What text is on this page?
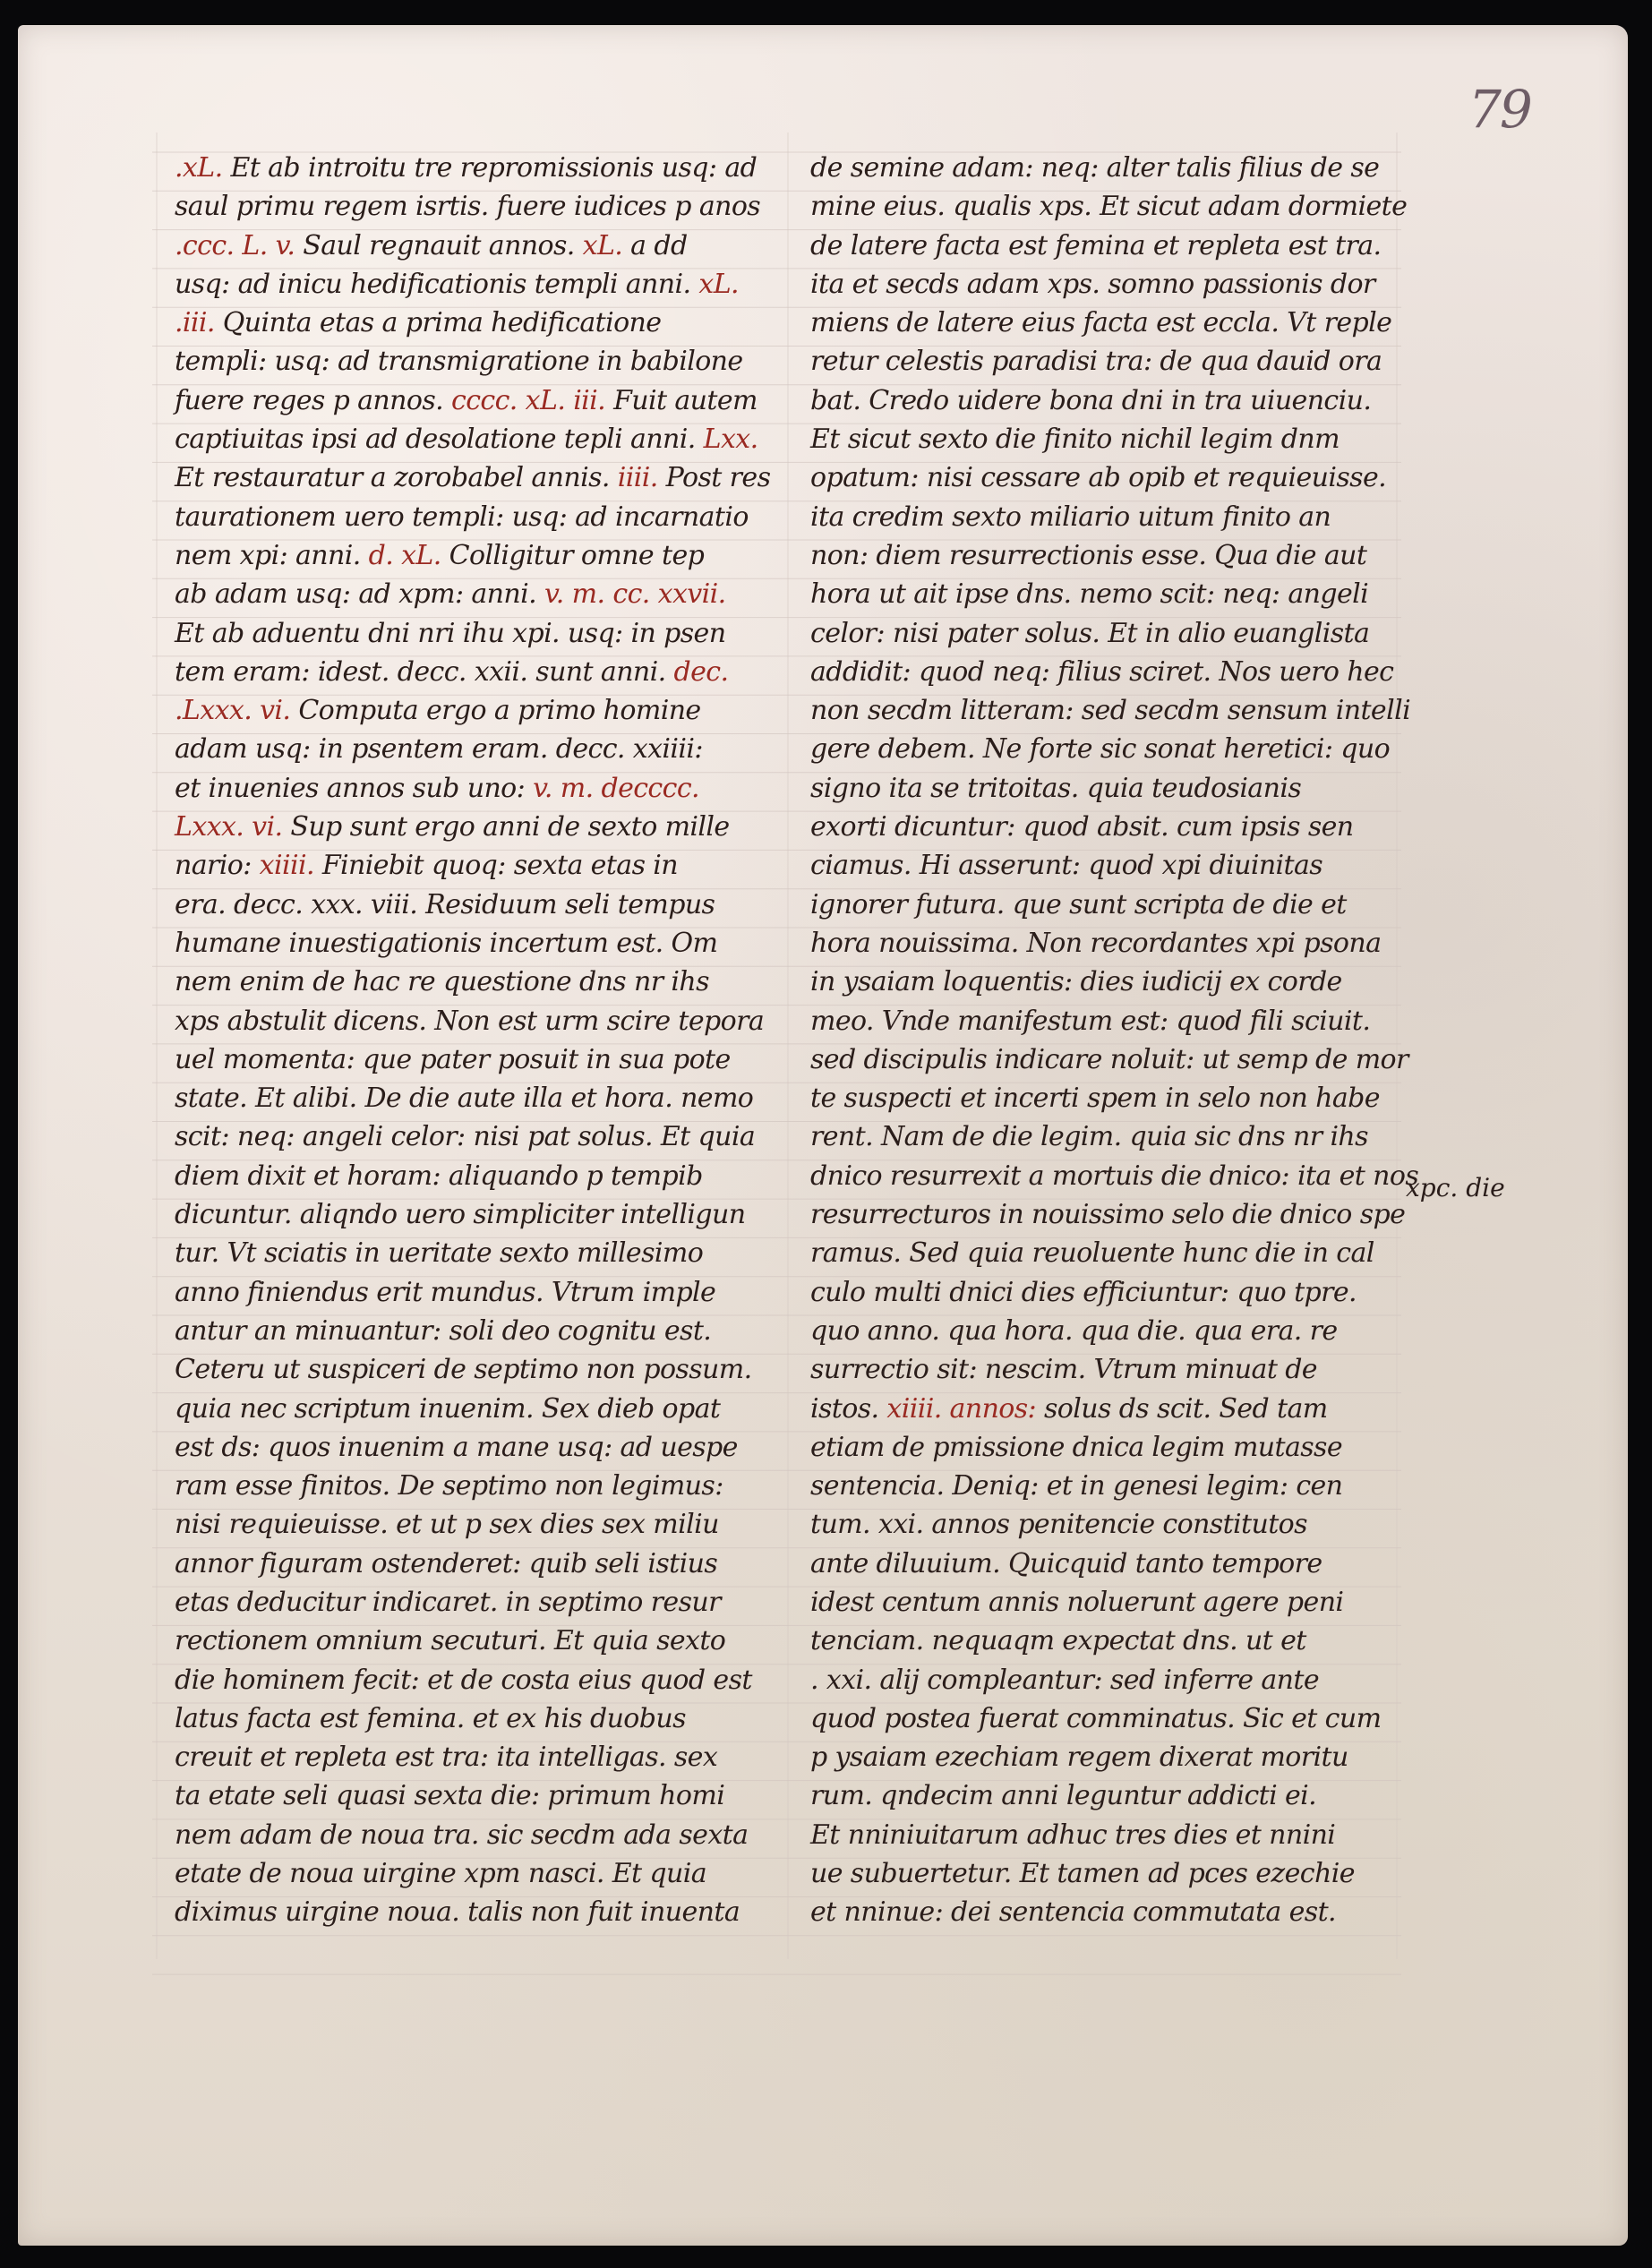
79
.xL. Et ab introitu tre repromissionis usq: ad
saul primu regem isrtis. fuere iudices p anos
.ccc. L. v. Saul regnauit annos. xL. a dd
usq: ad inicu hedificationis templi anni. xL.
.iii. Quinta etas a prima hedificatione
templi: usq: ad transmigratione in babilone
fuere reges p annos. cccc. xL. iii. Fuit autem
captiuitas ipsi ad desolatione tepli anni. Lxx.
Et restauratur a zorobabel annis. iiii. Post res
taurationem uero templi: usq: ad incarnatio
nem xpi: anni. d. xL. Colligitur omne tep
ab adam usq: ad xpm: anni. v. m. cc. xxvii.
Et ab aduentu dni nri ihu xpi. usq: in psen
tem eram: idest. decc. xxii. sunt anni. dec.
.Lxxx. vi. Computa ergo a primo homine
adam usq: in psentem eram. decc. xxiiii:
et inuenies annos sub uno: v. m. decccc.
Lxxx. vi. Sup sunt ergo anni de sexto mille
nario: xiiii. Finiebit quoq: sexta etas in
era. decc. xxx. viii. Residuum seli tempus
humane inuestigationis incertum est. Om
nem enim de hac re questione dns nr ihs
xps abstulit dicens. Non est urm scire tepora
uel momenta: que pater posuit in sua pote
state. Et alibi. De die aute illa et hora. nemo
scit: neq: angeli celor: nisi pat solus. Et quia
diem dixit et horam: aliquando p tempib
dicuntur. aliqndo uero simpliciter intelligun
tur. Vt sciatis in ueritate sexto millesimo
anno finiendus erit mundus. Vtrum imple
antur an minuantur: soli deo cognitu est.
Ceteru ut suspiceri de septimo non possum.
quia nec scriptum inuenim. Sex dieb opat
est ds: quos inuenim a mane usq: ad uespe
ram esse finitos. De septimo non legimus:
nisi requieuisse. et ut p sex dies sex miliu
annor figuram ostenderet: quib seli istius
etas deducitur indicaret. in septimo resur
rectionem omnium secuturi. Et quia sexto
die hominem fecit: et de costa eius quod est
latus facta est femina. et ex his duobus
creuit et repleta est tra: ita intelligas. sex
ta etate seli quasi sexta die: primum homi
nem adam de noua tra. sic secdm ada sexta
etate de noua uirgine xpm nasci. Et quia
diximus uirgine noua. talis non fuit inuenta
de semine adam: neq: alter talis filius de se
mine eius. qualis xps. Et sicut adam dormiete
de latere facta est femina et repleta est tra.
ita et secds adam xps. somno passionis dor
miens de latere eius facta est eccla. Vt reple
retur celestis paradisi tra: de qua dauid ora
bat. Credo uidere bona dni in tra uiuenciu.
Et sicut sexto die finito nichil legim dnm
opatum: nisi cessare ab opib et requieuisse.
ita credim sexto miliario uitum finito an
non: diem resurrectionis esse. Qua die aut
hora ut ait ipse dns. nemo scit: neq: angeli
celor: nisi pater solus. Et in alio euanglista
addidit: quod neq: filius sciret. Nos uero hec
non secdm litteram: sed secdm sensum intelli
gere debem. Ne forte sic sonat heretici: quo
signo ita se tritoitas. quia teudosianis
exorti dicuntur: quod absit. cum ipsis sen
ciamus. Hi asserunt: quod xpi diuinitas
ignorer futura. que sunt scripta de die et
hora nouissima. Non recordantes xpi psona
in ysaiam loquentis: dies iudicij ex corde
meo. Vnde manifestum est: quod fili sciuit.
sed discipulis indicare noluit: ut semp de mor
te suspecti et incerti spem in selo non habe
rent. Nam de die legim. quia sic dns nr ihs
dnico resurrexit a mortuis die dnico: ita et nos
resurrecturos in nouissimo selo die dnico spe
ramus. Sed quia reuoluente hunc die in cal
culo multi dnici dies efficiuntur: quo tpre.
quo anno. qua hora. qua die. qua era. re
surrectio sit: nescim. Vtrum minuat de
istos. xiiii. annos: solus ds scit. Sed tam
etiam de pmissione dnica legim mutasse
sentencia. Deniq: et in genesi legim: cen
tum. xxi. annos penitencie constitutos
ante diluuium. Quicquid tanto tempore
idest centum annis noluerunt agere peni
tenciam. nequaqm expectat dns. ut et
. xxi. alij compleantur: sed inferre ante
quod postea fuerat comminatus. Sic et cum
p ysaiam ezechiam regem dixerat moritu
rum. qndecim anni leguntur addicti ei.
Et nniniuitarum adhuc tres dies et nnini
ue subuertetur. Et tamen ad pces ezechie
et nninue: dei sentencia commutata est.
xpc. die
